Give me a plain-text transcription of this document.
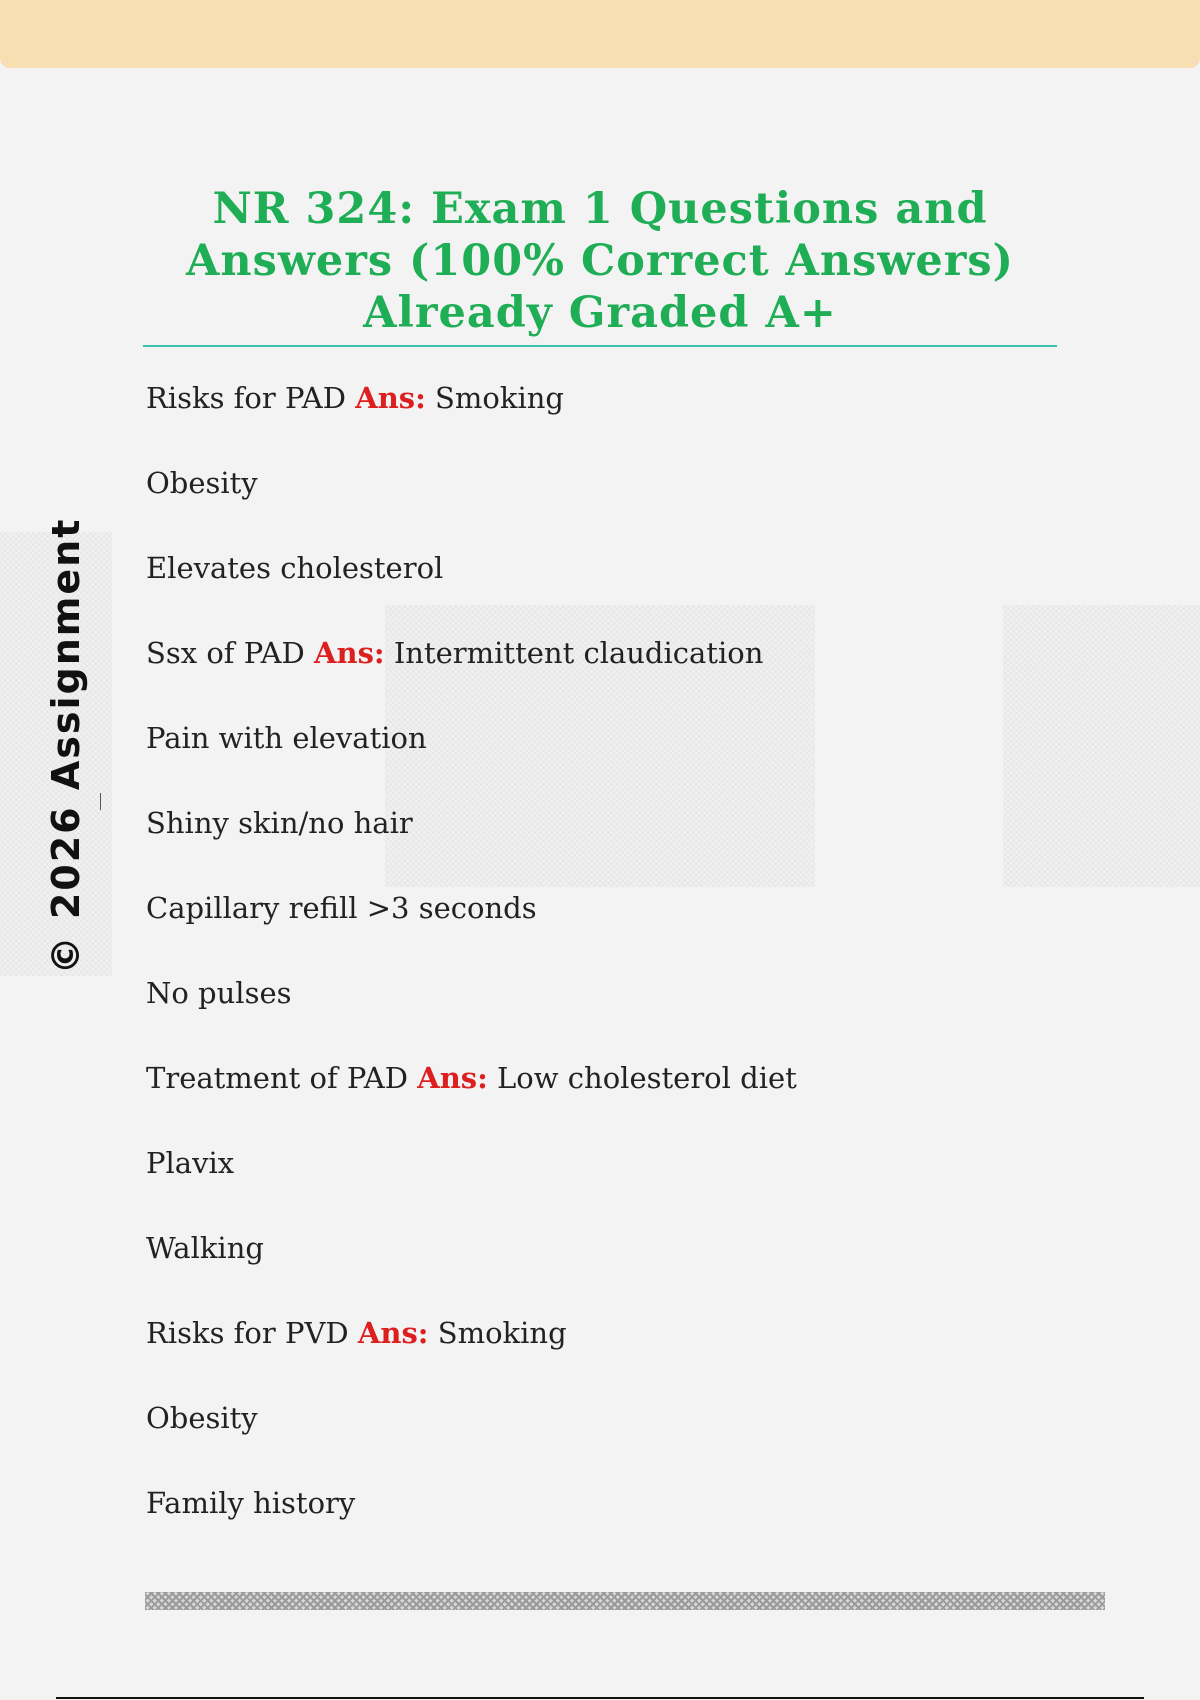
© 2026 Assignment
NR 324: Exam 1 Questions and Answers (100% Correct Answers) Already Graded A+
Risks for PAD Ans: Smoking
Obesity
Elevates cholesterol
Ssx of PAD Ans: Intermittent claudication
Pain with elevation
Shiny skin/no hair
Capillary refill >3 seconds
No pulses
Treatment of PAD Ans: Low cholesterol diet
Plavix
Walking
Risks for PVD Ans: Smoking
Obesity
Family history
